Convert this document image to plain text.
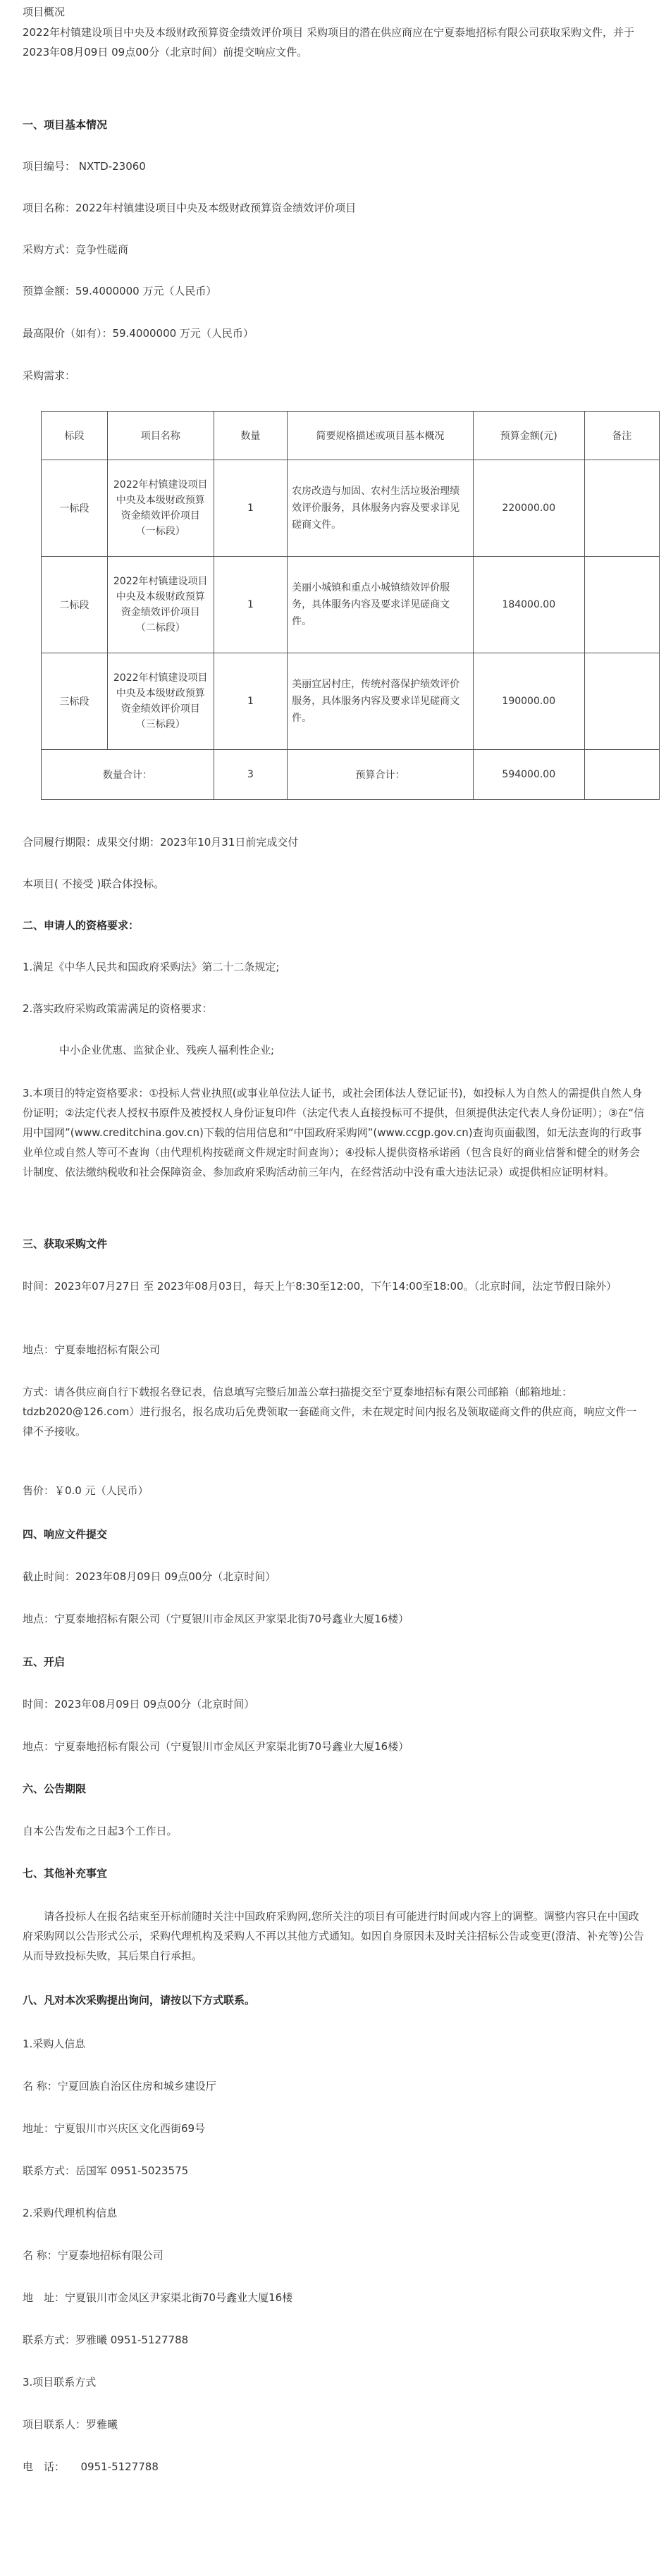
项目概况
2022年村镇建设项目中央及本级财政预算资金绩效评价项目 采购项目的潜在供应商应在宁夏泰地招标有限公司获取采购文件，并于2023年08月09日 09点00分（北京时间）前提交响应文件。
一、项目基本情况
项目编号： NXTD-23060
项目名称：2022年村镇建设项目中央及本级财政预算资金绩效评价项目
采购方式：竞争性磋商
预算金额：59.4000000 万元（人民币）
最高限价（如有）：59.4000000 万元（人民币）
采购需求：
标段	项目名称	数量	简要规格描述或项目基本概况	预算金额(元)	备注
一标段	2022年村镇建设项目中央及本级财政预算资金绩效评价项目（一标段）	1	农房改造与加固、农村生活垃圾治理绩效评价服务，具体服务内容及要求详见磋商文件。	220000.00	
二标段	2022年村镇建设项目中央及本级财政预算资金绩效评价项目（二标段）	1	美丽小城镇和重点小城镇绩效评价服务，具体服务内容及要求详见磋商文件。	184000.00	
三标段	2022年村镇建设项目中央及本级财政预算资金绩效评价项目（三标段）	1	美丽宜居村庄，传统村落保护绩效评价服务，具体服务内容及要求详见磋商文件。	190000.00	
数量合计：		3	预算合计：	594000.00	
合同履行期限：成果交付期：2023年10月31日前完成交付
本项目( 不接受 )联合体投标。
二、申请人的资格要求：
1.满足《中华人民共和国政府采购法》第二十二条规定;
2.落实政府采购政策需满足的资格要求：
中小企业优惠、监狱企业、残疾人福利性企业;
3.本项目的特定资格要求：①投标人营业执照(或事业单位法人证书，或社会团体法人登记证书)，如投标人为自然人的需提供自然人身份证明；②法定代表人授权书原件及被授权人身份证复印件（法定代表人直接投标可不提供，但须提供法定代表人身份证明）；③在“信用中国网”(www.creditchina.gov.cn)下载的信用信息和“中国政府采购网”(www.ccgp.gov.cn)查询页面截图，如无法查询的行政事业单位或自然人等可不查询（由代理机构按磋商文件规定时间查询）；④投标人提供资格承诺函（包含良好的商业信誉和健全的财务会计制度、依法缴纳税收和社会保障资金、参加政府采购活动前三年内，在经营活动中没有重大违法记录）或提供相应证明材料。
三、获取采购文件
时间：2023年07月27日 至 2023年08月03日，每天上午8:30至12:00，下午14:00至18:00。（北京时间，法定节假日除外）
地点：宁夏泰地招标有限公司
方式：请各供应商自行下载报名登记表，信息填写完整后加盖公章扫描提交至宁夏泰地招标有限公司邮箱（邮箱地址：tdzb2020@126.com）进行报名，报名成功后免费领取一套磋商文件，未在规定时间内报名及领取磋商文件的供应商，响应文件一律不予接收。
售价：￥0.0 元（人民币）
四、响应文件提交
截止时间：2023年08月09日 09点00分（北京时间）
地点：宁夏泰地招标有限公司（宁夏银川市金凤区尹家渠北街70号鑫业大厦16楼）
五、开启
时间：2023年08月09日 09点00分（北京时间）
地点：宁夏泰地招标有限公司（宁夏银川市金凤区尹家渠北街70号鑫业大厦16楼）
六、公告期限
自本公告发布之日起3个工作日。
七、其他补充事宜
请各投标人在报名结束至开标前随时关注中国政府采购网,您所关注的项目有可能进行时间或内容上的调整。调整内容只在中国政府采购网以公告形式公示，采购代理机构及采购人不再以其他方式通知。如因自身原因未及时关注招标公告或变更(澄清、补充等)公告从而导致投标失败，其后果自行承担。
八、凡对本次采购提出询问，请按以下方式联系。
1.采购人信息
名 称：宁夏回族自治区住房和城乡建设厅
地址：宁夏银川市兴庆区文化西街69号
联系方式：岳国军 0951-5023575
2.采购代理机构信息
名 称：宁夏泰地招标有限公司
地　址：宁夏银川市金凤区尹家渠北街70号鑫业大厦16楼
联系方式：罗雅曦 0951-5127788
3.项目联系方式
项目联系人：罗雅曦
电　话：　　0951-5127788
